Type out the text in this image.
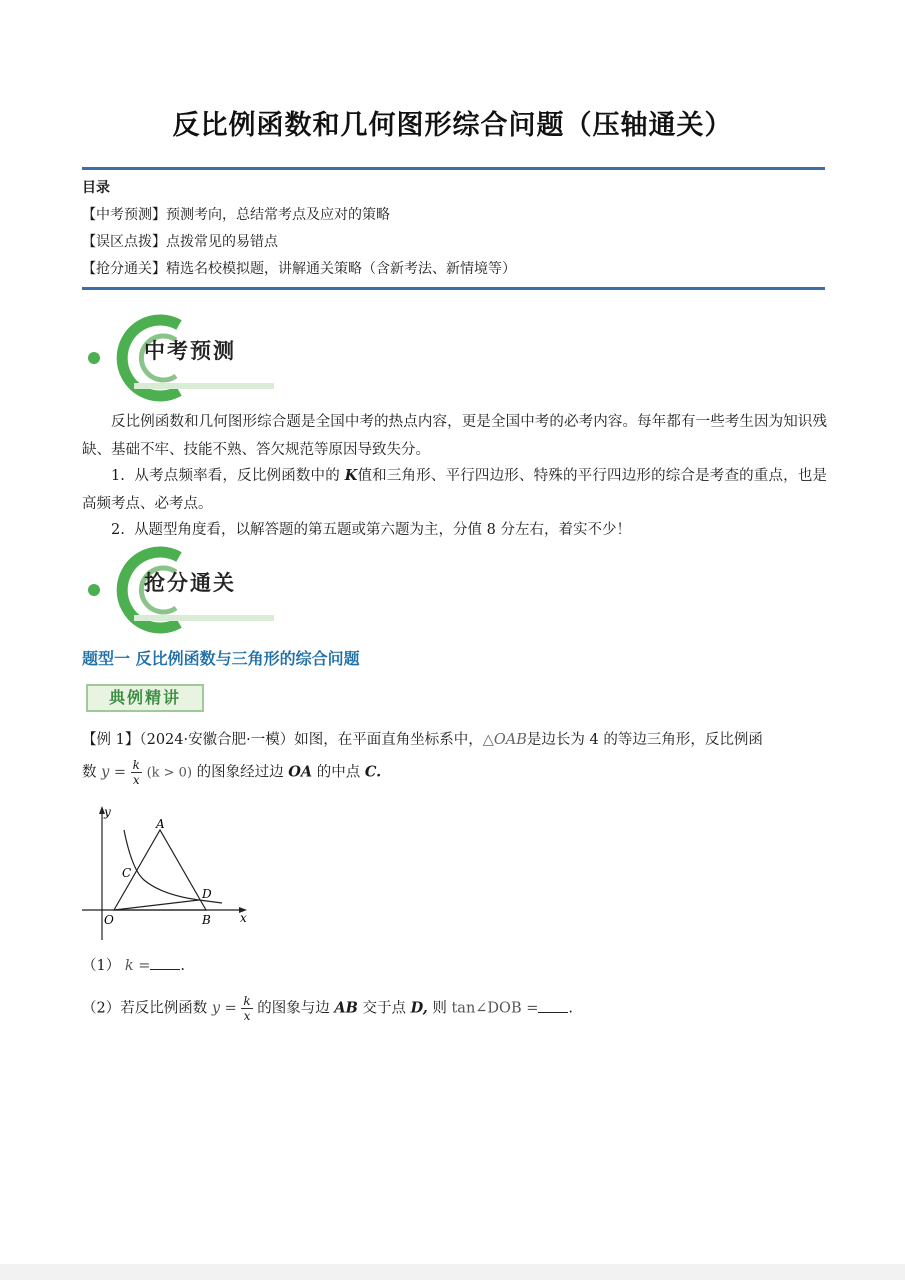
反比例函数和几何图形综合问题（压轴通关）
目录
【中考预测】预测考向，总结常考点及应对的策略
【误区点拨】点拨常见的易错点
【抢分通关】精选名校模拟题，讲解通关策略（含新考法、新情境等）
中考预测
反比例函数和几何图形综合题是全国中考的热点内容，更是全国中考的必考内容。每年都有一些考生因为知识残缺、基础不牢、技能不熟、答欠规范等原因导致失分。
1. 从考点频率看，反比例函数中的 K值和三角形、平行四边形、特殊的平行四边形的综合是考查的重点，也是高频考点、必考点。
2. 从题型角度看，以解答题的第五题或第六题为主，分值 8 分左右，着实不少！
抢分通关
题型一 反比例函数与三角形的综合问题
典例精讲
【例 1】（2024·安徽合肥·一模）如图，在平面直角坐标系中，△OAB是边长为 4 的等边三角形，反比例函
数 $y = \frac{k}{x} (k > 0)$ 的图象经过边 OA 的中点 C.
y
x
A
C
D
O	B
（1） k = .
（2）若反比例函数 $y = \frac{k}{x}$ 的图象与边 AB 交于点 D, 则 tan∠DOB = .
